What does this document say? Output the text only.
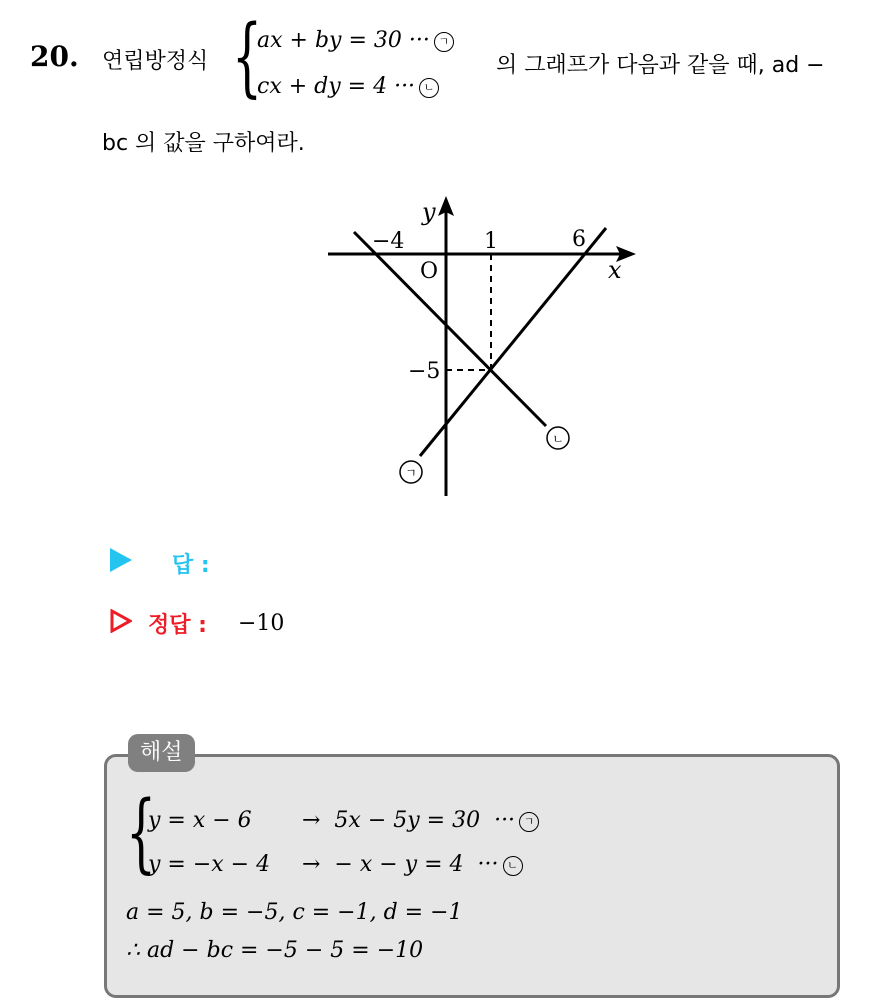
20. 연립방정식 {
ax + by = 30 ··· ㄱ
cx + dy = 4 ··· ㄴ
의 그래프가 다음과 같을 때, ad −
bc 의 값을 구하여라.
y
x
O
−4	1	6
−5
ㄴ
ㄱ
답 :
정답 : −10
해설
{
y = x − 6 →  5x − 5y = 30  ··· ㄱ
y = −x − 4 →  − x − y = 4  ··· ㄴ
a = 5, b = −5, c = −1, d = −1
∴ ad − bc = −5 − 5 = −10
